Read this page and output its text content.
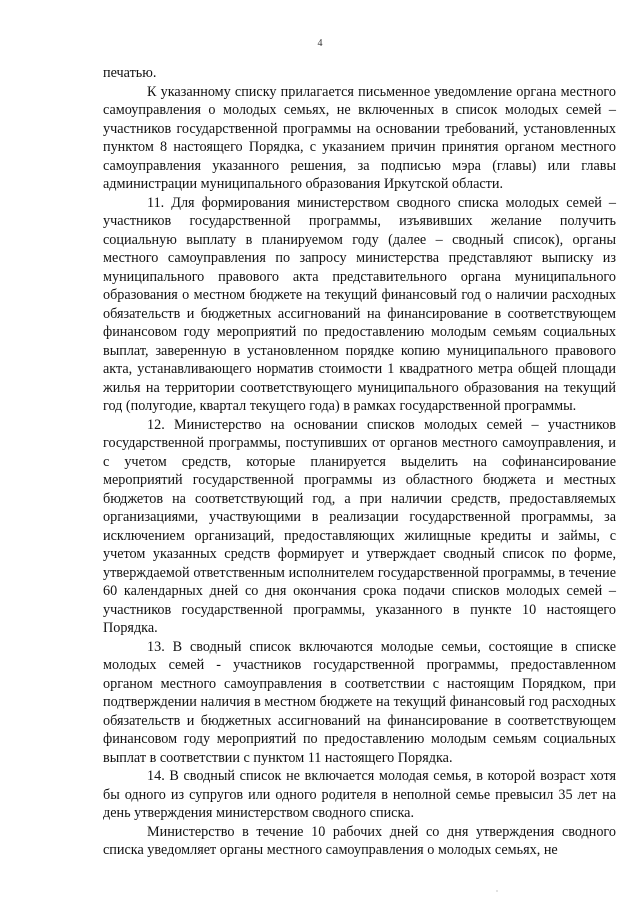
4

печатью.

К указанному списку прилагается письменное уведомление органа местного самоуправления о молодых семьях, не включенных в список молодых семей – участников государственной программы на основании требований, установленных пунктом 8 настоящего Порядка, с указанием причин принятия органом местного самоуправления указанного решения, за подписью мэра (главы) или главы администрации муниципального образования Иркутской области.

11. Для формирования министерством сводного списка молодых семей – участников государственной программы, изъявивших желание получить социальную выплату в планируемом году (далее – сводный список), органы местного самоуправления по запросу министерства представляют выписку из муниципального правового акта представительного органа муниципального образования о местном бюджете на текущий финансовый год о наличии расходных обязательств и бюджетных ассигнований на финансирование в соответствующем финансовом году мероприятий по предоставлению молодым семьям социальных выплат, заверенную в установленном порядке копию муниципального правового акта, устанавливающего норматив стоимости 1 квадратного метра общей площади жилья на территории соответствующего муниципального образования на текущий год (полугодие, квартал текущего года) в рамках государственной программы.

12. Министерство на основании списков молодых семей – участников государственной программы, поступивших от органов местного самоуправления, и с учетом средств, которые планируется выделить на софинансирование мероприятий государственной программы из областного бюджета и местных бюджетов на соответствующий год, а при наличии средств, предоставляемых организациями, участвующими в реализации государственной программы, за исключением организаций, предоставляющих жилищные кредиты и займы, с учетом указанных средств формирует и утверждает сводный список по форме, утверждаемой ответственным исполнителем государственной программы, в течение 60 календарных дней со дня окончания срока подачи списков молодых семей – участников государственной программы, указанного в пункте 10 настоящего Порядка.

13. В сводный список включаются молодые семьи, состоящие в списке молодых семей - участников государственной программы, предоставленном органом местного самоуправления в соответствии с настоящим Порядком, при подтверждении наличия в местном бюджете на текущий финансовый год расходных обязательств и бюджетных ассигнований на финансирование в соответствующем финансовом году мероприятий по предоставлению молодым семьям социальных выплат в соответствии с пунктом 11 настоящего Порядка.

14. В сводный список не включается молодая семья, в которой возраст хотя бы одного из супругов или одного родителя в неполной семье превысил 35 лет на день утверждения министерством сводного списка.

Министерство в течение 10 рабочих дней со дня утверждения сводного списка уведомляет органы местного самоуправления о молодых семьях, не
